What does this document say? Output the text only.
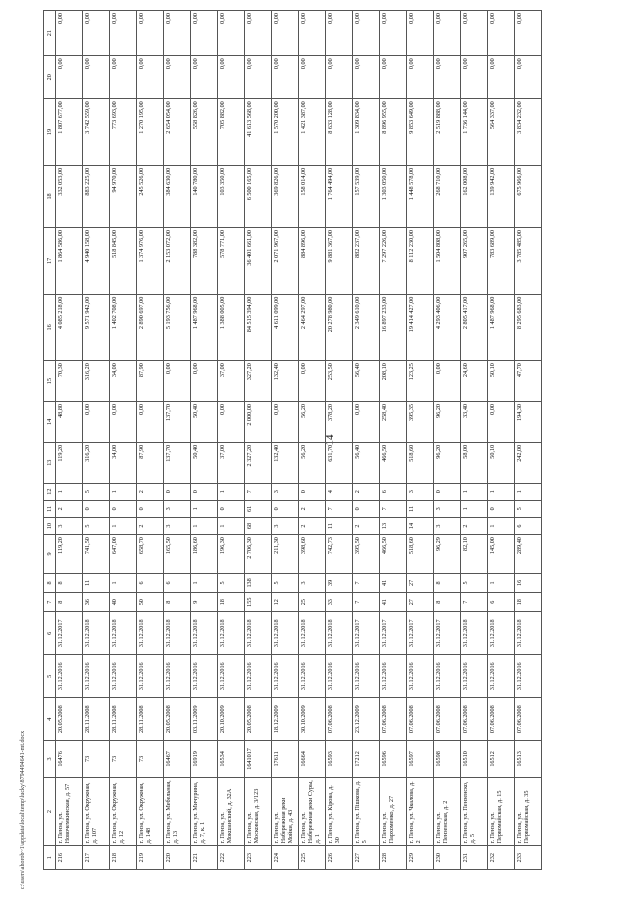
14
c:\users\ahorob~1\appdata\local\temp\lucky\8794494641-mt.docx	1	2	3	4	5	6	7	8	9	10	11	12	13	14	15	16	17	18	19	20	21
216	г. Пенза, ул. Новочемкинская, д. 57	16476	20.05.2008	31.12.2016	31.12.2017	8	8	119,20	3	2	1	119,20	48,80	70,30	4 085 218,00	1 864 586,00	332 053,00	1 807 677,00	0,00	0,00
217	г. Пенза, ул. Окружная, д. 107	73	28.11.2008	31.12.2016	31.12.2018	36	11	741,50	5	0	5	316,20	0,00	316,20	9 571 942,00	4 940 158,00	883 225,00	3 742 559,00	0,00	0,00
218	г. Пенза, ул. Окружная, д. 12	73	28.11.2008	31.12.2016	31.12.2018	40	1	647,00	1	0	1	34,00	0,00	34,00	1 402 708,00	518 845,00	94 970,00	773 693,00	0,00	0,00
219	г. Пенза, ул. Окружная, д. 148	73	28.11.2008	31.12.2016	31.12.2018	50	6	658,70	2	0	2	87,90	0,00	87,90	2 890 697,00	1 374 976,00	245 526,00	1 270 195,00	0,00	0,00
220	г. Пенза, ул. Мебельная, д. 13	16467	20.05.2008	31.12.2016	31.12.2018	8	6	165,50	3	3	0	137,70	137,70	0,00	5 193 756,00	2 153 072,00	384 630,00	2 654 054,00	0,00	0,00
221	г. Пенза, ул. Мичурина, д. 7, к. 1	16919	03.11.2009	31.12.2016	31.12.2018	9	1	186,60	1	1	0	50,40	50,40	0,00	1 487 968,00	788 382,00	140 780,00	558 826,00	0,00	0,00
222	г. Пенза, ул. Мокшанский, д. 32А	16534	20.10.2009	31.12.2016	31.12.2018	18	5	196,30	1	0	1	37,00	0,00	37,00	1 388 005,00	578 771,00	103 350,00	705 882,00	0,00	0,00
223	г. Пенза, ул. Московская, д. 3/123	1641017	20.05.2008	31.12.2016	31.12.2018	155	138	2 706,30	68	61	7	2 327,20	2 000,00	327,20	84 515 394,00	36 401 661,00	6 500 165,00	41 613 568,00	0,00	0,00
224	г. Пенза, ул. Набережная реки Мойки, д. 43	17611	18.12.2009	31.12.2016	31.12.2018	12	5	211,30	3	0	3	132,40	0,00	132,40	4 611 099,00	2 071 967,00	369 826,00	1 570 200,00	0,00	0,00
225	г. Пенза, ул. Набережная реки Суры, д. 1	16664	30.10.2009	31.12.2016	31.12.2018	25	3	398,60	2	2	0	56,20	56,20	0,00	2 464 297,00	884 896,00	158 014,00	1 421 387,00	0,00	0,00
226	г. Пенза, ул. Кірова, д. 30	16593	07.06.2008	31.12.2016	31.12.2018	33	39	742,73	11	7	4	631,70	378,20	253,50	20 278 980,00	9 881 367,00	1 764 494,00	8 633 128,00	0,00	0,00
227	г. Пенза, ул. Пішкова, д. 5	17212	23.12.2009	31.12.2016	31.12.2017	7	7	395,50	2	0	2	56,40	0,00	56,40	2 349 610,00	882 237,00	157 539,00	1 309 834,00	0,00	0,00
228	г. Пенза, ул. Пархоменко, д. 27	16596	07.06.2008	31.12.2016	31.12.2017	41	41	466,50	13	7	6	466,50	258,40	208,10	16 897 233,00	7 297 226,00	1 303 050,00	8 896 955,00	0,00	0,00
229	г. Пенза, ул. Чкалова, д. 2	16597	07.06.2008	31.12.2016	31.12.2017	27	27	518,60	14	11	3	518,60	395,35	123,25	19 414 427,00	8 112 230,00	1 448 578,00	9 853 649,00	0,00	0,00
230	г. Пенза, ул. Пензенская, д. 2	16598	07.06.2008	31.12.2016	31.12.2017	8	8	96,29	3	3	0	96,20	96,20	0,00	4 293 406,00	1 504 808,00	268 710,00	2 519 888,00	0,00	0,00
231	г. Пенза, ул. Пензенско, д. 5	16510	07.06.2008	31.12.2016	31.12.2018	7	5	82,10	2	1	1	58,00	33,40	24,60	2 805 417,00	907 265,00	162 008,00	1 736 144,00	0,00	0,00
232	г. Пенза, ул. Первомайская, д. 15	16512	07.06.2008	31.12.2016	31.12.2018	6	1	145,00	1	0	1	50,10	0,00	50,10	1 487 968,00	783 689,00	139 942,00	564 337,00	0,00	0,00
233	г. Пенза, ул. Первомайская, д. 35	16513	07.06.2008	31.12.2016	31.12.2018	18	16	289,40	6	5	1	242,00	194,30	47,70	8 295 683,00	3 785 485,00	675 966,00	3 834 232,00	0,00	0,00
